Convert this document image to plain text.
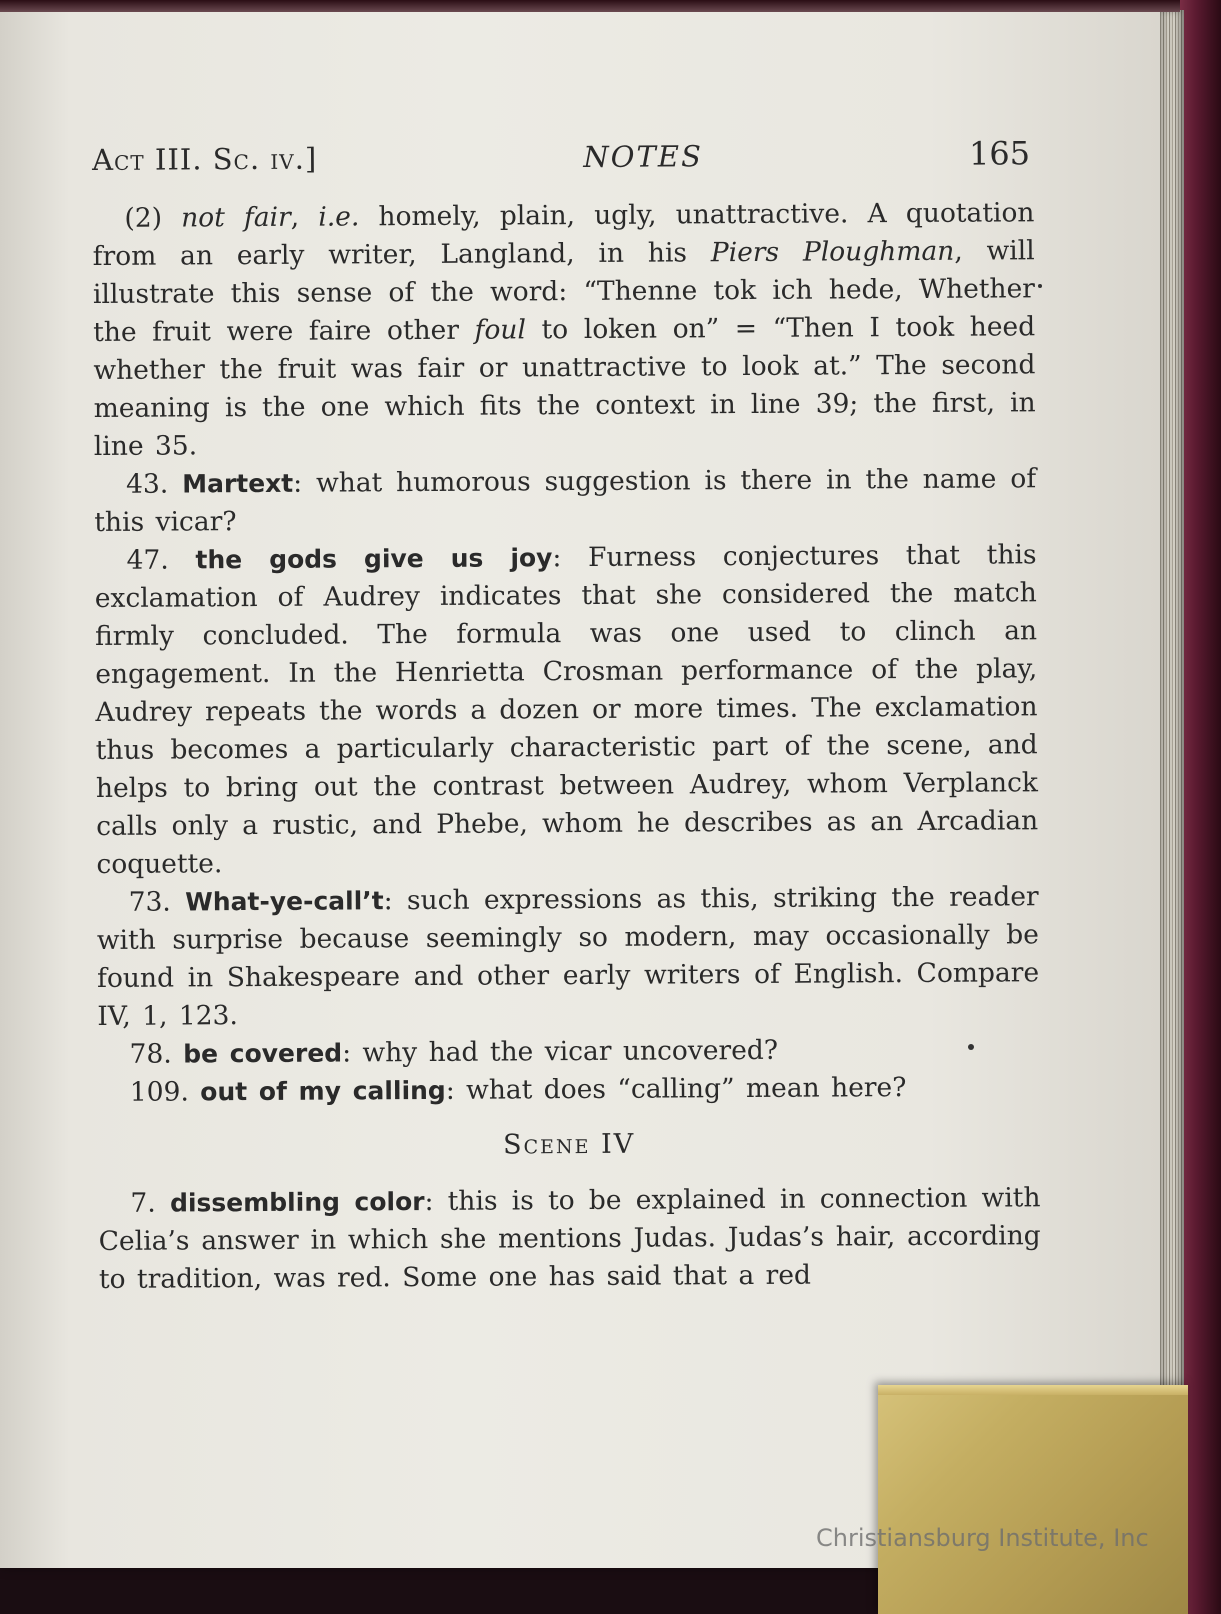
Act III. Sc. iv.]	NOTES	165

(2) not fair, i.e. homely, plain, ugly, unattractive. A quotation from an early writer, Langland, in his Piers Ploughman, will illustrate this sense of the word: “Thenne tok ich hede, Whether the fruit were faire other foul to loken on” = “Then I took heed whether the fruit was fair or unattractive to look at.” The second meaning is the one which fits the context in line 39; the first, in line 35.

43. Martext: what humorous suggestion is there in the name of this vicar?

47. the gods give us joy: Furness conjectures that this exclamation of Audrey indicates that she considered the match firmly concluded. The formula was one used to clinch an engagement. In the Henrietta Crosman performance of the play, Audrey repeats the words a dozen or more times. The exclamation thus becomes a particularly characteristic part of the scene, and helps to bring out the contrast between Audrey, whom Verplanck calls only a rustic, and Phebe, whom he describes as an Arcadian coquette.

73. What-ye-call’t: such expressions as this, striking the reader with surprise because seemingly so modern, may occasionally be found in Shakespeare and other early writers of English. Compare IV, 1, 123.

78. be covered: why had the vicar uncovered?

109. out of my calling: what does “calling” mean here?

Scene IV

7. dissembling color: this is to be explained in connection with Celia’s answer in which she mentions Judas. Judas’s hair, according to tradition, was red. Some one has said that a red

Christiansburg Institute, Inc
